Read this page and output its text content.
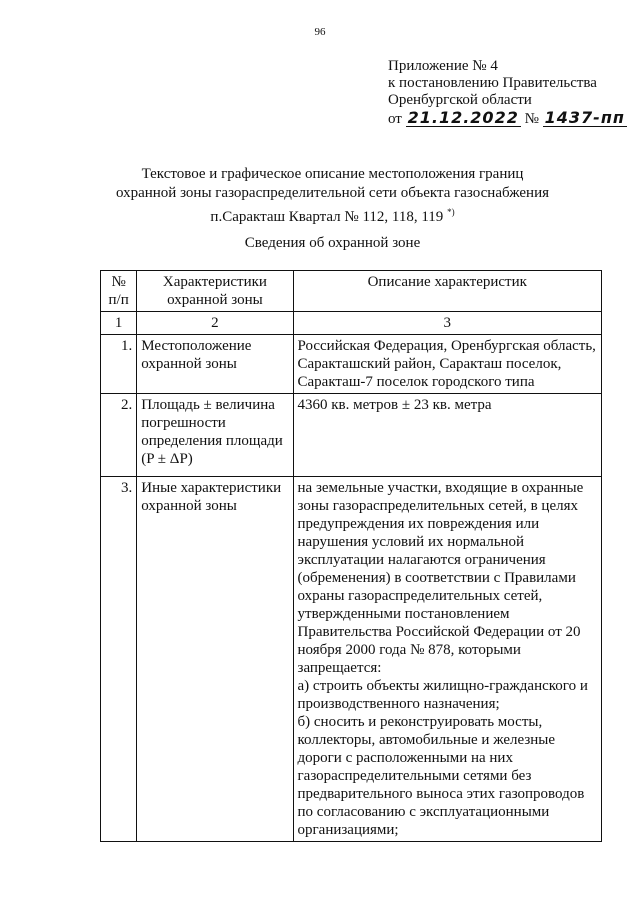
96
Приложение № 4
к постановлению Правительства
Оренбургской области
от 21.12.2022 № 1437-пп
Текстовое и графическое описание местоположения границ
охранной зоны газораспределительной сети объекта газоснабжения
п.Саракташ Квартал № 112, 118, 119 *)
Сведения об охранной зоне
№ п/п	Характеристики охранной зоны	Описание характеристик
1	2	3
1.	Местоположение охранной зоны	Российская Федерация, Оренбургская область, Саракташский район, Саракташ поселок, Саракташ-7 поселок городского типа
2.	Площадь ± величина погрешности определения площади (P ± ΔP)	4360 кв. метров ± 23 кв. метра
3.	Иные характеристики охранной зоны	на земельные участки, входящие в охранные зоны газораспределительных сетей, в целях предупреждения их повреждения или нарушения условий их нормальной эксплуатации налагаются ограничения (обременения) в соответствии с Правилами охраны газораспределительных сетей, утвержденными постановлением Правительства Российской Федерации от 20 ноября 2000 года № 878, которыми запрещается:
а) строить объекты жилищно-гражданского и производственного назначения;
б) сносить и реконструировать мосты, коллекторы, автомобильные и железные дороги с расположенными на них газораспределительными сетями без предварительного выноса этих газопроводов по согласованию с эксплуатационными организациями;
